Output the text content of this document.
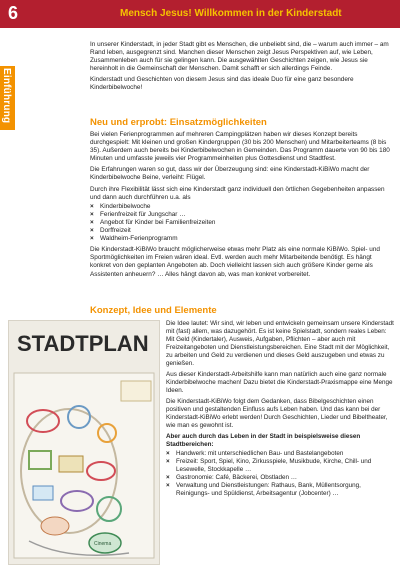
6	Mensch Jesus! Willkommen in der Kinderstadt
Einführung

In unserer Kinderstadt, in jeder Stadt gibt es Menschen, die unbeliebt sind, die – warum auch immer – am Rand leben, ausgegrenzt sind. Manchen dieser Menschen zeigt Jesus Perspektiven auf, wie Leben, Zusammenleben auch für sie gelingen kann. Die ausgewählten Geschichten zeigen, wie Jesus sie hereinholt in die Gemeinschaft der Menschen. Damit schafft er sich allerdings Feinde.

Kinderstadt und Geschichten von diesem Jesus sind das ideale Duo für eine ganz besondere Kinderbibelwoche!

Neu und erprobt: Einsatzmöglichkeiten

Bei vielen Ferienprogrammen auf mehreren Campingplätzen haben wir dieses Konzept bereits durchgespielt: Mit kleinen und großen Kindergruppen (30 bis 200 Menschen) und Mitarbeiterteams (8 bis 35). Außerdem auch bereits bei Kinderbibelwochen in Gemeinden. Das Programm dauerte von 90 bis 180 Minuten und umfasste jeweils vier Programmeinheiten plus Gottesdienst und Stadtfest.

Die Erfahrungen waren so gut, dass wir der Überzeugung sind: eine Kinderstadt-KiBiWo macht der Kinderbibelwoche Beine, verleiht: Flügel.

Durch ihre Flexibilität lässt sich eine Kinderstadt ganz individuell den örtlichen Gegebenheiten anpassen und dann auch durchführen u.a. als

× Kinderbibelwoche
× Ferienfreizeit für Jungschar …
× Angebot für Kinder bei Familienfreizeiten
× Dorffreizeit
× Waldheim-Ferienprogramm

Die Kinderstadt-KiBiWo braucht möglicherweise etwas mehr Platz als eine normale KiBiWo. Spiel- und Sportmöglichkeiten im Freien wären ideal. Evtl. werden auch mehr Mitarbeitende benötigt. Es hängt konkret von den geplanten Angeboten ab. Doch vielleicht lassen sich auch größere Kinder gerne als Assistenten anheuern? … Alles hängt davon ab, was man konkret vorbereitet.

Konzept, Idee und Elemente
STADTPLAN
Cinema

Die Idee lautet: Wir sind, wir leben und entwickeln gemeinsam unsere Kinderstadt mit (fast) allem, was dazugehört. Es ist keine Spielstadt, sondern reales Leben: Mit Geld (Kindertaler), Ausweis, Aufgaben, Pflichten – aber auch mit Freizeitangeboten und Dienstleistungsbereichen. Eine Stadt mit der Möglichkeit, zu arbeiten und Geld zu verdienen und dieses Geld auszugeben und etwas zu genießen.

Aus dieser Kinderstadt-Arbeitshilfe kann man natürlich auch eine ganz normale Kinderbibelwoche machen! Dazu bietet die Kinderstadt-Praxismappe eine Menge Ideen.

Die Kinderstadt-KiBiWo folgt dem Gedanken, dass Bibelgeschichten einen positiven und gestaltenden Einfluss aufs Leben haben. Und das kann bei der Kinderstadt-KiBiWo erlebt werden! Durch Geschichten, Lieder und Bibeltheater, wie man es gewohnt ist.

Aber auch durch das Leben in der Stadt in beispielsweise diesen Stadtbereichen:

× Handwerk: mit unterschiedlichen Bau- und Bastelangeboten
× Freizeit: Sport, Spiel, Kino, Zirkusspiele, Musikbude, Kirche, Chill- und Lesewelle, Stockkapelle …
× Gastronomie: Café, Bäckerei, Obstladen …
× Verwaltung und Dienstleistungen: Rathaus, Bank, Müllentsorgung, Reinigungs- und Spüldienst, Arbeitsagentur (Jobcenter) …
